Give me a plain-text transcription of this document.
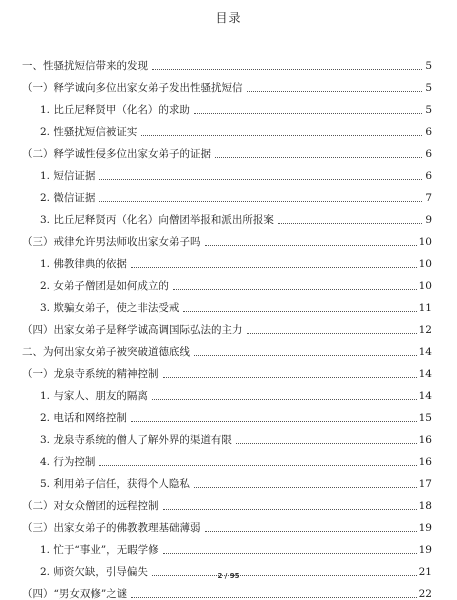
目录
一、性骚扰短信带来的发现	5
（一）释学诚向多位出家女弟子发出性骚扰短信	5
1. 比丘尼释贤甲（化名）的求助	5
2. 性骚扰短信被证实	6
（二）释学诚性侵多位出家女弟子的证据	6
1. 短信证据	6
2. 微信证据	7
3. 比丘尼释贤丙（化名）向僧团举报和派出所报案	9
（三）戒律允许男法师收出家女弟子吗	10
1. 佛教律典的依据	10
2. 女弟子僧团是如何成立的	10
3. 欺骗女弟子，使之非法受戒	11
（四）出家女弟子是释学诚高调国际弘法的主力	12
二、为何出家女弟子被突破道德底线	14
（一）龙泉寺系统的精神控制	14
1. 与家人、朋友的隔离	14
2. 电话和网络控制	15
3. 龙泉寺系统的僧人了解外界的渠道有限	16
4. 行为控制	16
5. 利用弟子信任，获得个人隐私	17
（二）对女众僧团的远程控制	18
（三）出家女弟子的佛教教理基础薄弱	19
1. 忙于“事业”，无暇学修	19
2. 师资欠缺，引导偏失	21
（四）“男女双修”之谜	22
2 / 95
